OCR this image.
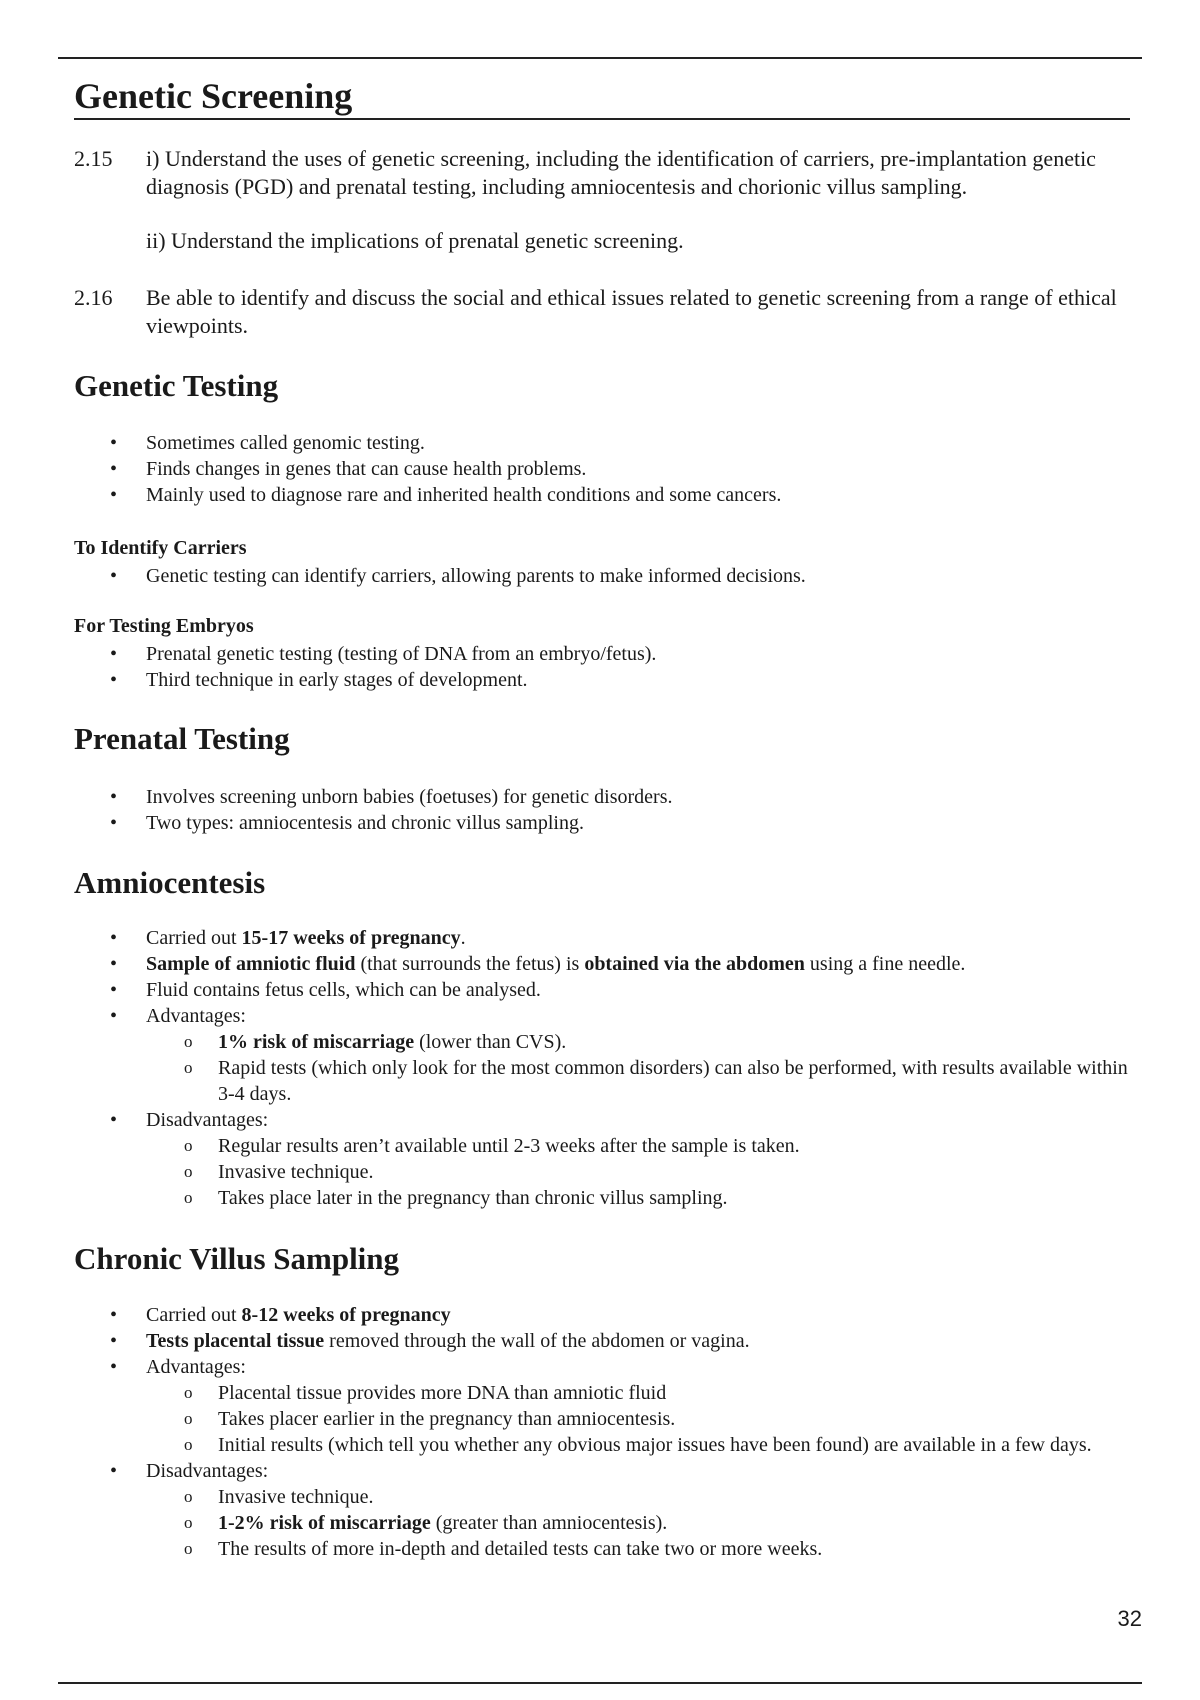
Genetic Screening
2.15 i) Understand the uses of genetic screening, including the identification of carriers, pre-implantation genetic diagnosis (PGD) and prenatal testing, including amniocentesis and chorionic villus sampling.
ii) Understand the implications of prenatal genetic screening.
2.16 Be able to identify and discuss the social and ethical issues related to genetic screening from a range of ethical viewpoints.
Genetic Testing
• Sometimes called genomic testing.
• Finds changes in genes that can cause health problems.
• Mainly used to diagnose rare and inherited health conditions and some cancers.
To Identify Carriers
• Genetic testing can identify carriers, allowing parents to make informed decisions.
For Testing Embryos
• Prenatal genetic testing (testing of DNA from an embryo/fetus).
• Third technique in early stages of development.
Prenatal Testing
• Involves screening unborn babies (foetuses) for genetic disorders.
• Two types: amniocentesis and chronic villus sampling.
Amniocentesis
• Carried out 15-17 weeks of pregnancy.
• Sample of amniotic fluid (that surrounds the fetus) is obtained via the abdomen using a fine needle.
• Fluid contains fetus cells, which can be analysed.
• Advantages:
o 1% risk of miscarriage (lower than CVS).
o Rapid tests (which only look for the most common disorders) can also be performed, with results available within 3-4 days.
• Disadvantages:
o Regular results aren’t available until 2-3 weeks after the sample is taken.
o Invasive technique.
o Takes place later in the pregnancy than chronic villus sampling.
Chronic Villus Sampling
• Carried out 8-12 weeks of pregnancy
• Tests placental tissue removed through the wall of the abdomen or vagina.
• Advantages:
o Placental tissue provides more DNA than amniotic fluid
o Takes placer earlier in the pregnancy than amniocentesis.
o Initial results (which tell you whether any obvious major issues have been found) are available in a few days.
• Disadvantages:
o Invasive technique.
o 1-2% risk of miscarriage (greater than amniocentesis).
o The results of more in-depth and detailed tests can take two or more weeks.
32
